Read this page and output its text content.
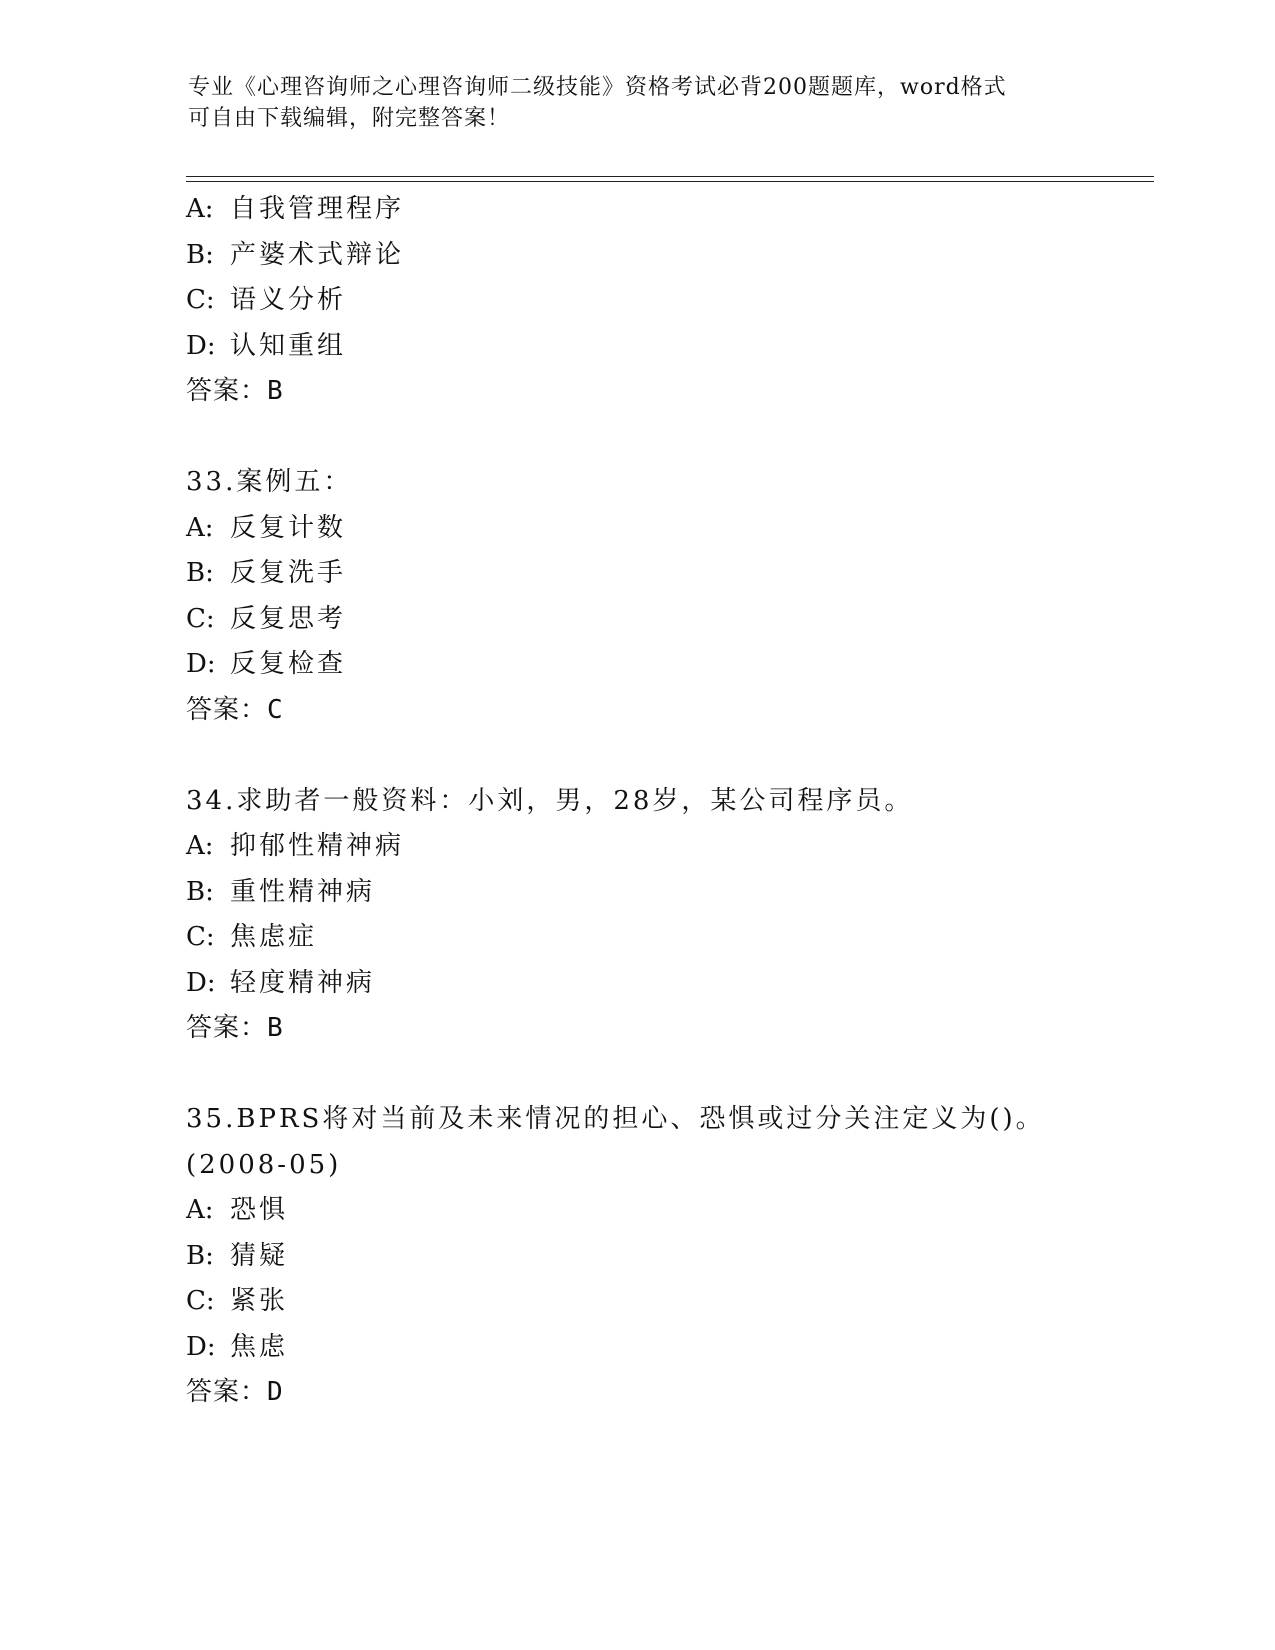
专业《心理咨询师之心理咨询师二级技能》资格考试必背200题题库，word格式
可自由下载编辑，附完整答案！
A: 自我管理程序
B: 产婆术式辩论
C: 语义分析
D: 认知重组
答案：B
33.案例五：
A: 反复计数
B: 反复洗手
C: 反复思考
D: 反复检查
答案：C
34.求助者一般资料：小刘，男，28岁，某公司程序员。
A: 抑郁性精神病
B: 重性精神病
C: 焦虑症
D: 轻度精神病
答案：B
35.BPRS将对当前及未来情况的担心、恐惧或过分关注定义为()。
(2008-05)
A: 恐惧
B: 猜疑
C: 紧张
D: 焦虑
答案：D
